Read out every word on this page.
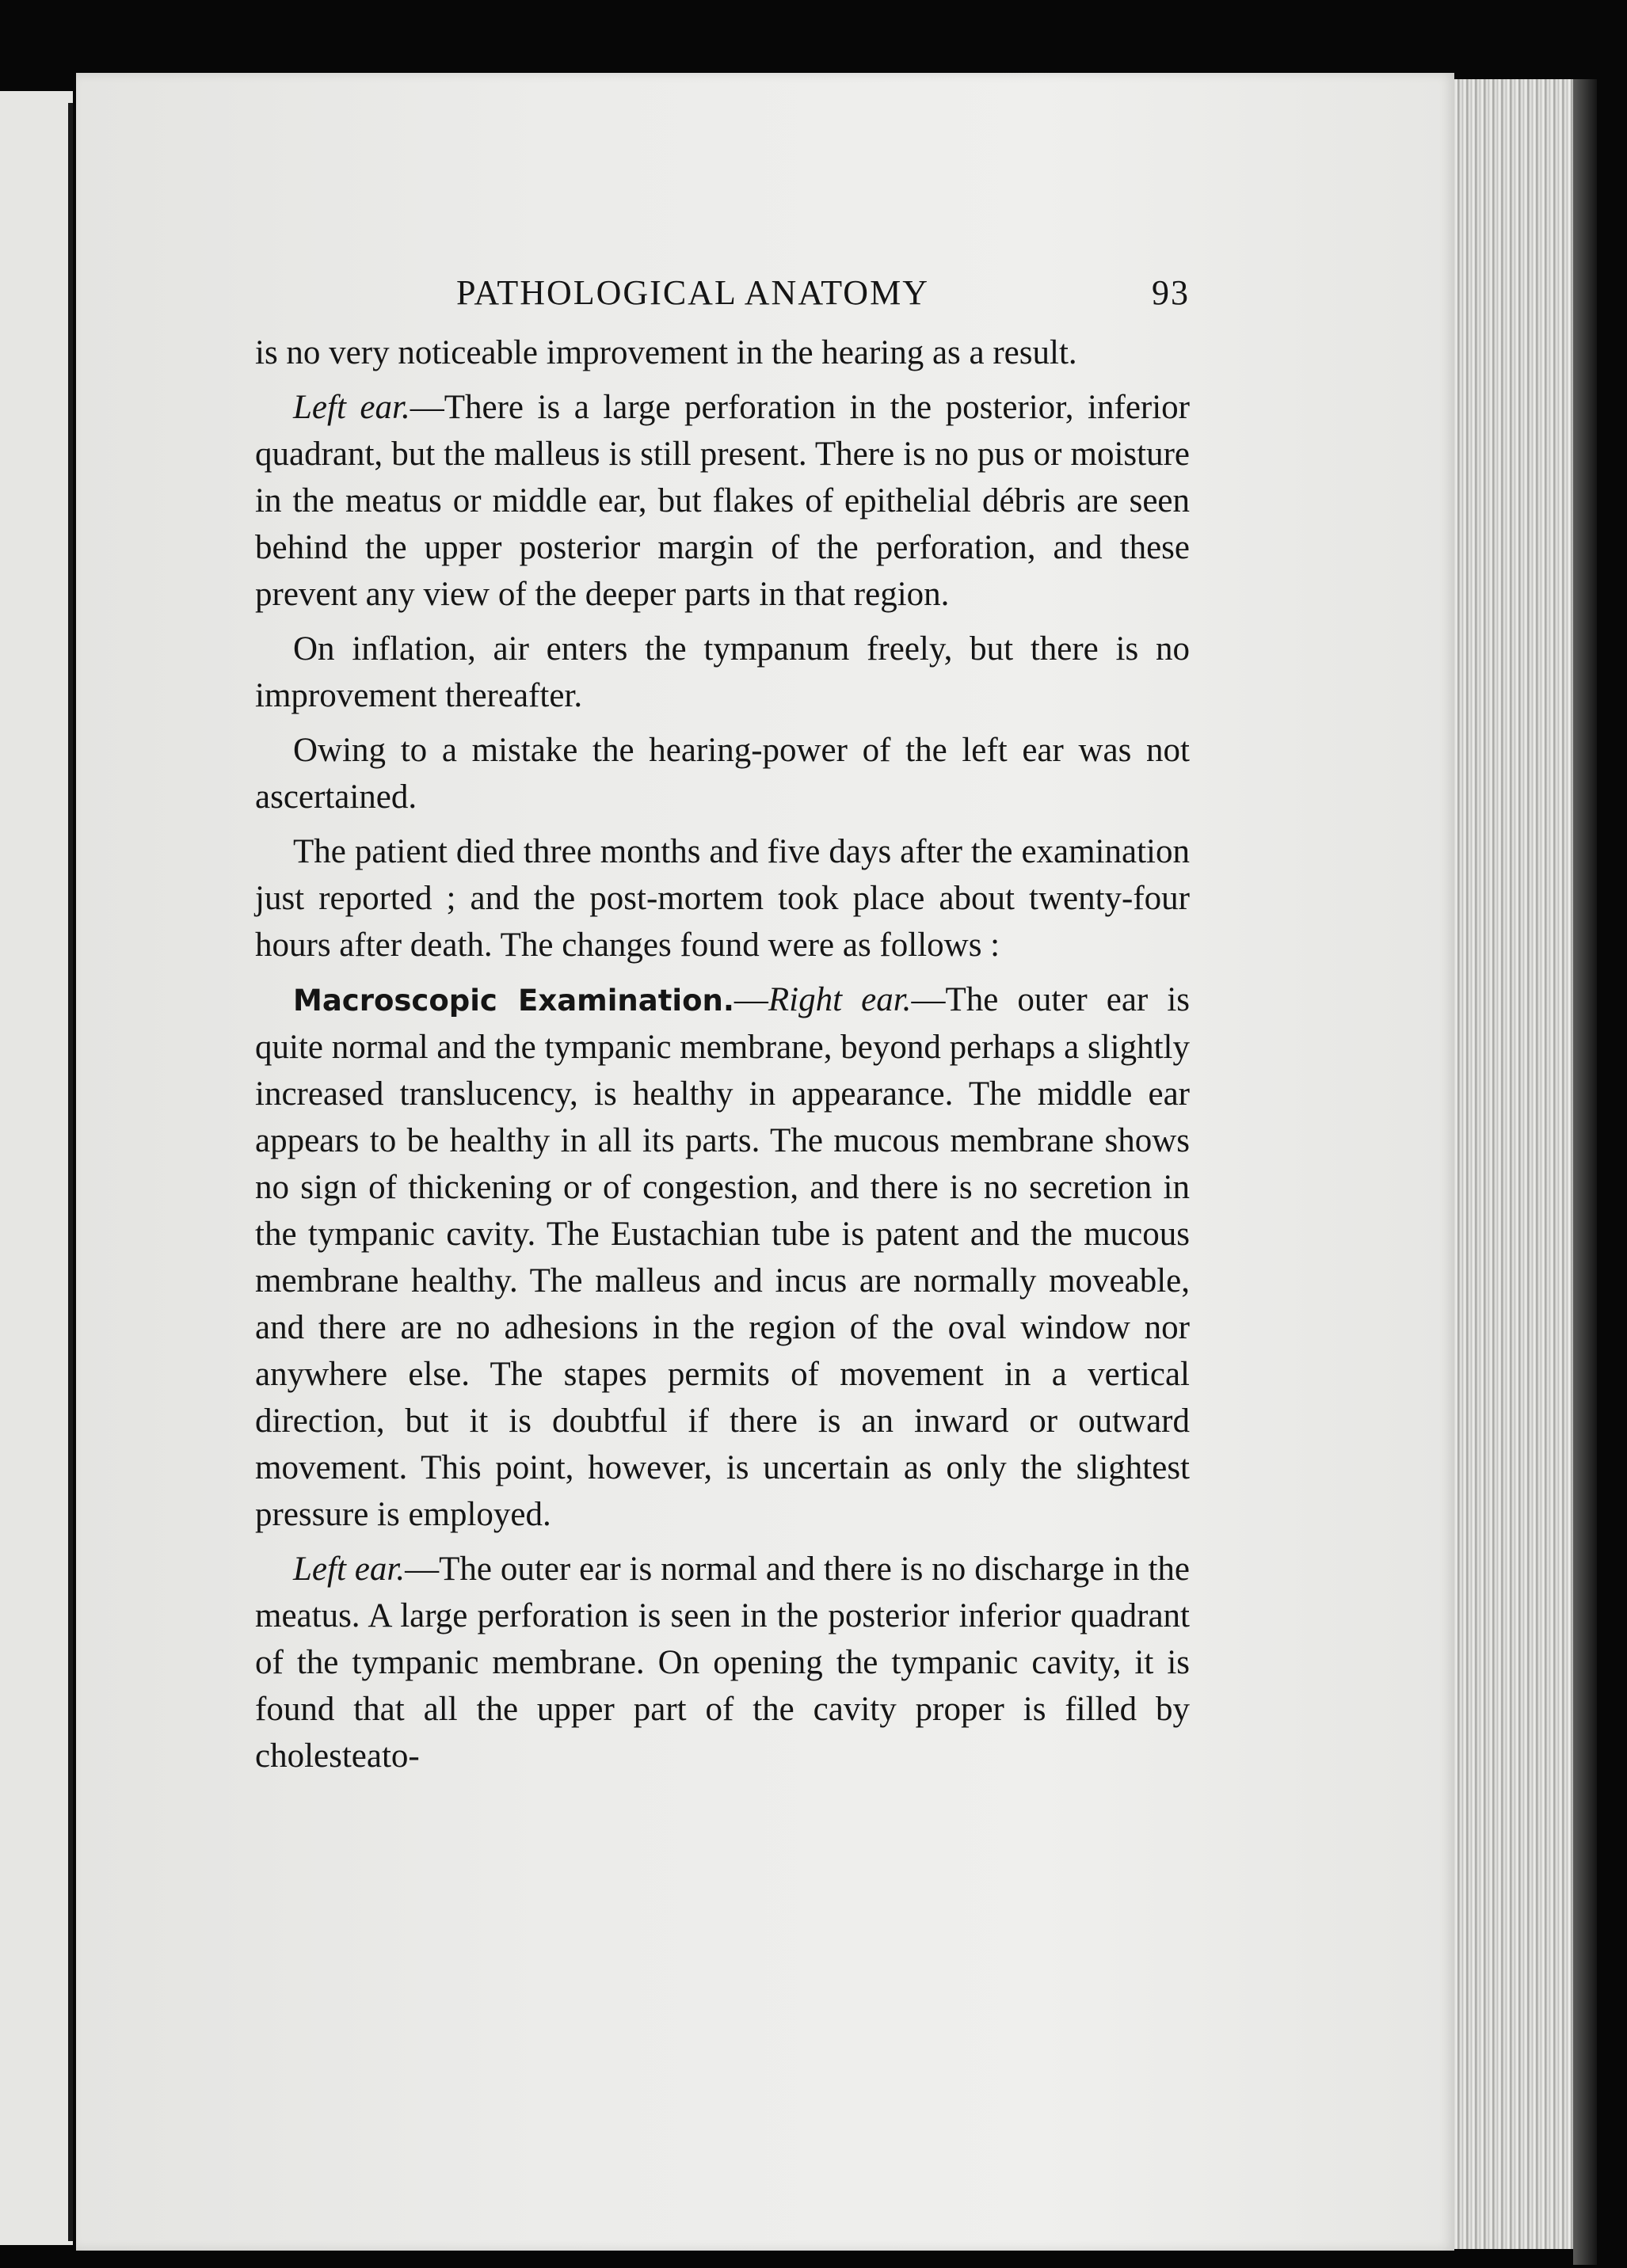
PATHOLOGICAL ANATOMY	93

is no very noticeable improvement in the hearing as a result.

Left ear.—There is a large perforation in the posterior, inferior quadrant, but the malleus is still present. There is no pus or moisture in the meatus or middle ear, but flakes of epithelial débris are seen behind the upper posterior margin of the perforation, and these prevent any view of the deeper parts in that region.

On inflation, air enters the tympanum freely, but there is no improvement thereafter.

Owing to a mistake the hearing-power of the left ear was not ascertained.

The patient died three months and five days after the examination just reported ; and the post-mortem took place about twenty-four hours after death. The changes found were as follows :

Macroscopic Examination.—Right ear.—The outer ear is quite normal and the tympanic membrane, beyond perhaps a slightly increased translucency, is healthy in appearance. The middle ear appears to be healthy in all its parts. The mucous membrane shows no sign of thickening or of congestion, and there is no secretion in the tympanic cavity. The Eustachian tube is patent and the mucous membrane healthy. The malleus and incus are normally moveable, and there are no adhesions in the region of the oval window nor anywhere else. The stapes permits of movement in a vertical direction, but it is doubtful if there is an inward or outward movement. This point, however, is uncertain as only the slightest pressure is employed.

Left ear.—The outer ear is normal and there is no discharge in the meatus. A large perforation is seen in the posterior inferior quadrant of the tympanic membrane. On opening the tympanic cavity, it is found that all the upper part of the cavity proper is filled by cholesteato-
